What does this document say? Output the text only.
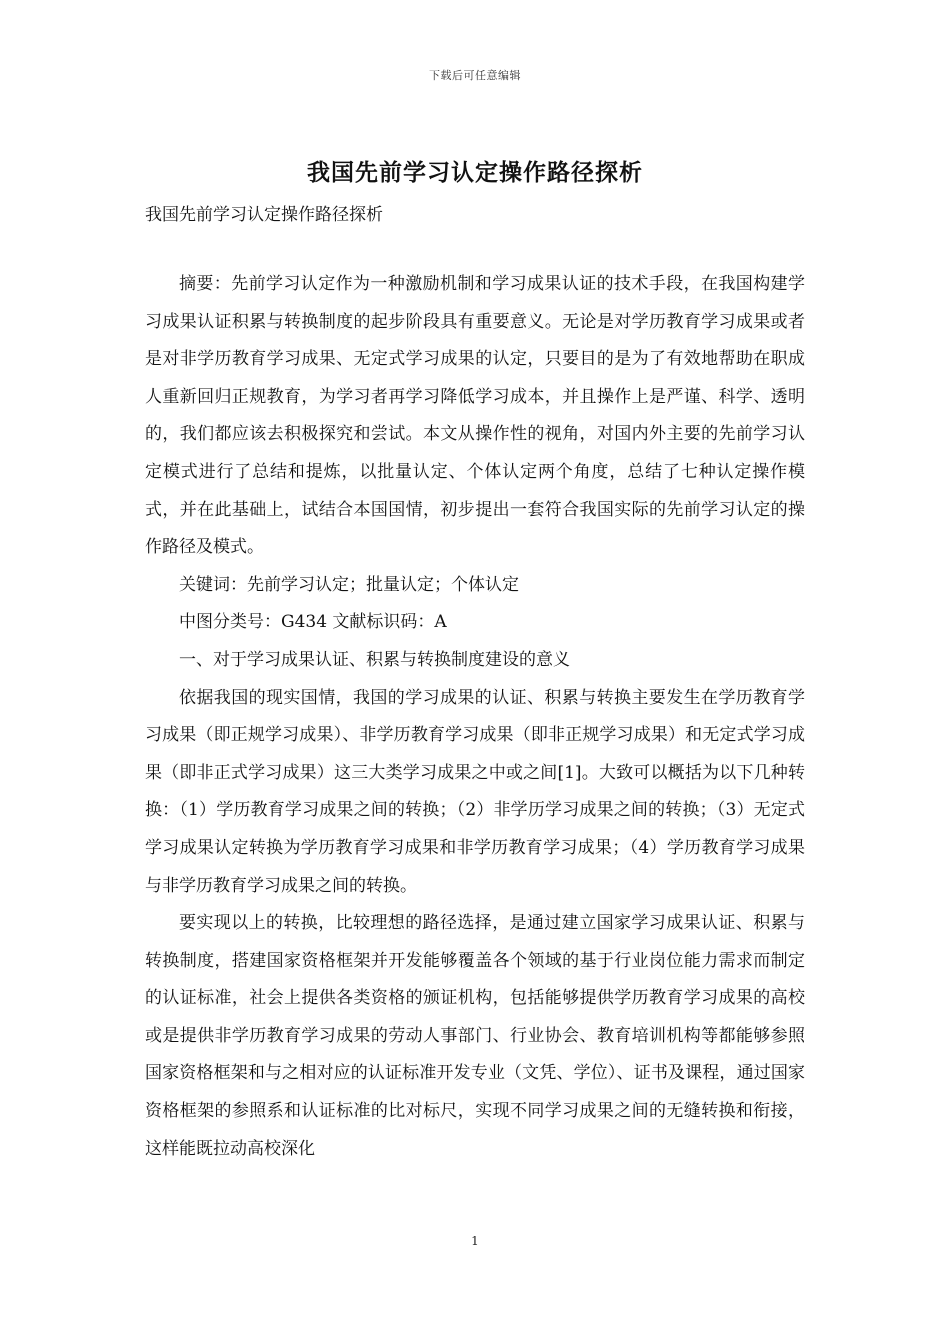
下载后可任意编辑
我国先前学习认定操作路径探析
我国先前学习认定操作路径探析

摘要：先前学习认定作为一种激励机制和学习成果认证的技术手段，在我国构建学习成果认证积累与转换制度的起步阶段具有重要意义。无论是对学历教育学习成果或者是对非学历教育学习成果、无定式学习成果的认定，只要目的是为了有效地帮助在职成人重新回归正规教育，为学习者再学习降低学习成本，并且操作上是严谨、科学、透明的，我们都应该去积极探究和尝试。本文从操作性的视角，对国内外主要的先前学习认定模式进行了总结和提炼，以批量认定、个体认定两个角度，总结了七种认定操作模式，并在此基础上，试结合本国国情，初步提出一套符合我国实际的先前学习认定的操作路径及模式。

关键词：先前学习认定；批量认定；个体认定

中图分类号：G434 文献标识码：A

一、对于学习成果认证、积累与转换制度建设的意义

依据我国的现实国情，我国的学习成果的认证、积累与转换主要发生在学历教育学习成果（即正规学习成果）、非学历教育学习成果（即非正规学习成果）和无定式学习成果（即非正式学习成果）这三大类学习成果之中或之间[1]。大致可以概括为以下几种转换：（1）学历教育学习成果之间的转换；（2）非学历学习成果之间的转换；（3）无定式学习成果认定转换为学历教育学习成果和非学历教育学习成果；（4）学历教育学习成果与非学历教育学习成果之间的转换。

要实现以上的转换，比较理想的路径选择，是通过建立国家学习成果认证、积累与转换制度，搭建国家资格框架并开发能够覆盖各个领域的基于行业岗位能力需求而制定的认证标准，社会上提供各类资格的颁证机构，包括能够提供学历教育学习成果的高校或是提供非学历教育学习成果的劳动人事部门、行业协会、教育培训机构等都能够参照国家资格框架和与之相对应的认证标准开发专业（文凭、学位）、证书及课程，通过国家资格框架的参照系和认证标准的比对标尺，实现不同学习成果之间的无缝转换和衔接，这样能既拉动高校深化

1
